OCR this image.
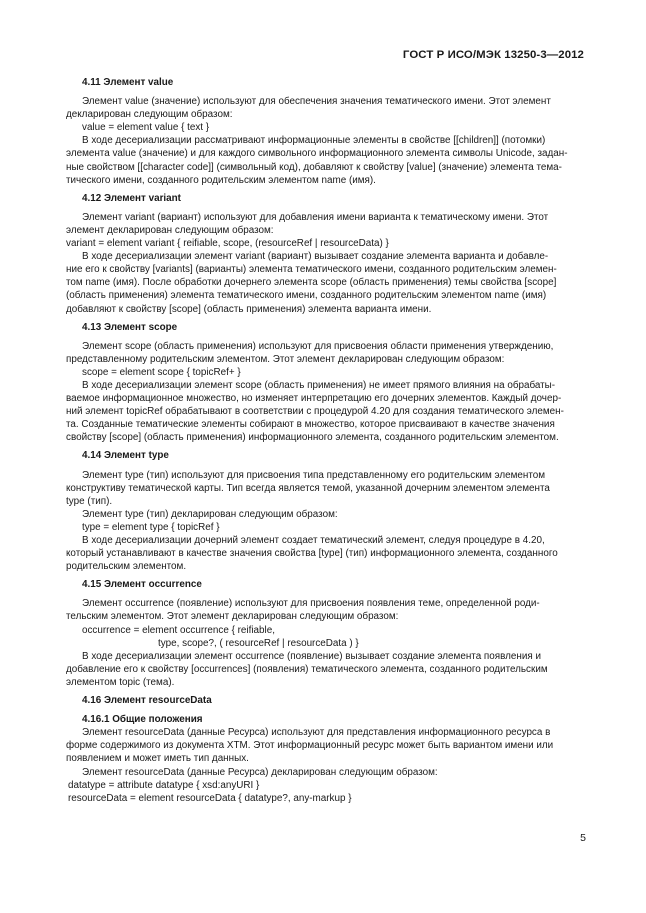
ГОСТ Р ИСО/МЭК 13250-3—2012

4.11 Элемент value

Элемент value (значение) используют для обеспечения значения тематического имени. Этот элемент

декларирован следующим образом:

value = element value { text }

В ходе десериализации рассматривают информационные элементы в свойстве [[children]] (потомки)

элемента value (значение) и для каждого символьного информационного элемента символы Unicode, задан-

ные свойством [[character code]] (символьный код), добавляют к свойству [value] (значение) элемента тема-

тического имени, созданного родительским элементом name (имя).

4.12 Элемент variant

Элемент variant (вариант) используют для добавления имени варианта к тематическому имени. Этот

элемент декларирован следующим образом:

variant = element variant { reifiable, scope, (resourceRef | resourceData) }

В ходе десериализации элемент variant (вариант) вызывает создание элемента варианта и добавле-

ние его к свойству [variants] (варианты) элемента тематического имени, созданного родительским элемен-

том name (имя). После обработки дочернего элемента scope (область применения) темы свойства [scope]

(область применения) элемента тематического имени, созданного родительским элементом name (имя)

добавляют к свойству [scope] (область применения) элемента варианта имени.

4.13 Элемент scope

Элемент scope (область применения) используют для присвоения области применения утверждению,

представленному родительским элементом. Этот элемент декларирован следующим образом:

scope = element scope { topicRef+ }

В ходе десериализации элемент scope (область применения) не имеет прямого влияния на обрабаты-

ваемое информационное множество, но изменяет интерпретацию его дочерних элементов. Каждый дочер-

ний элемент topicRef обрабатывают в соответствии с процедурой 4.20 для создания тематического элемен-

та. Созданные тематические элементы собирают в множество, которое присваивают в качестве значения

свойству [scope] (область применения) информационного элемента, созданного родительским элементом.

4.14 Элемент type

Элемент type (тип) используют для присвоения типа представленному его родительским элементом

конструктиву тематической карты. Тип всегда является темой, указанной дочерним элементом элемента

type (тип).

Элемент type (тип) декларирован следующим образом:

type = element type { topicRef }

В ходе десериализации дочерний элемент создает тематический элемент, следуя процедуре в 4.20,

который устанавливают в качестве значения свойства [type] (тип) информационного элемента, созданного

родительским элементом.

4.15 Элемент occurrence

Элемент occurrence (появление) используют для присвоения появления теме, определенной роди-

тельским элементом. Этот элемент декларирован следующим образом:

occurrence = element occurrence { reifiable,

type, scope?, ( resourceRef | resourceData ) }

В ходе десериализации элемент occurrence (появление) вызывает создание элемента появления и

добавление его к свойству [occurrences] (появления) тематического элемента, созданного родительским

элементом topic (тема).

4.16 Элемент resourceData

4.16.1 Общие положения

Элемент resourceData (данные Ресурса) используют для представления информационного ресурса в

форме содержимого из документа XTM. Этот информационный ресурс может быть вариантом имени или

появлением и может иметь тип данных.

Элемент resourceData (данные Ресурса) декларирован следующим образом:

datatype = attribute datatype { xsd:anyURI }

resourceData = element resourceData { datatype?, any-markup }

5
